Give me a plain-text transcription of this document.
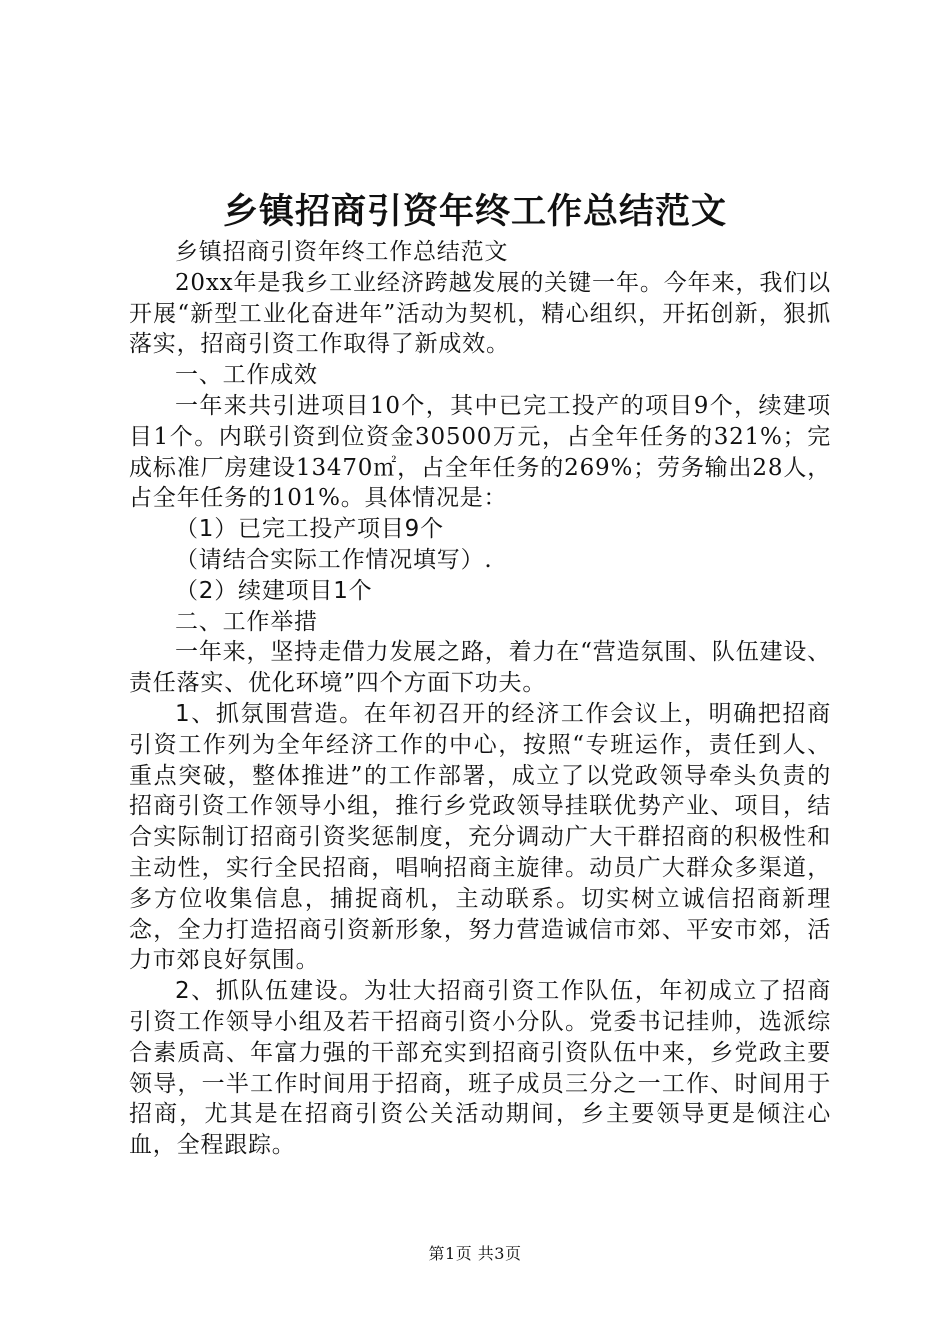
乡镇招商引资年终工作总结范文

乡镇招商引资年终工作总结范文

20xx年是我乡工业经济跨越发展的关键一年。今年来，我们以开展“新型工业化奋进年”活动为契机，精心组织，开拓创新，狠抓落实，招商引资工作取得了新成效。

一、工作成效

一年来共引进项目10个，其中已完工投产的项目9个，续建项目1个。内联引资到位资金30500万元，占全年任务的321%；完成标准厂房建设13470㎡，占全年任务的269%；劳务输出28人，占全年任务的101%。具体情况是：

（1）已完工投产项目9个

（请结合实际工作情况填写）.

（2）续建项目1个

二、工作举措

一年来，坚持走借力发展之路，着力在“营造氛围、队伍建设、责任落实、优化环境”四个方面下功夫。

1、抓氛围营造。在年初召开的经济工作会议上，明确把招商引资工作列为全年经济工作的中心，按照“专班运作，责任到人、重点突破，整体推进”的工作部署，成立了以党政领导牵头负责的招商引资工作领导小组，推行乡党政领导挂联优势产业、项目，结合实际制订招商引资奖惩制度，充分调动广大干群招商的积极性和主动性，实行全民招商，唱响招商主旋律。动员广大群众多渠道，多方位收集信息，捕捉商机，主动联系。切实树立诚信招商新理念，全力打造招商引资新形象，努力营造诚信市郊、平安市郊，活力市郊良好氛围。

2、抓队伍建设。为壮大招商引资工作队伍，年初成立了招商引资工作领导小组及若干招商引资小分队。党委书记挂帅，选派综合素质高、年富力强的干部充实到招商引资队伍中来，乡党政主要领导，一半工作时间用于招商，班子成员三分之一工作、时间用于招商，尤其是在招商引资公关活动期间，乡主要领导更是倾注心血，全程跟踪。

第1页 共3页
